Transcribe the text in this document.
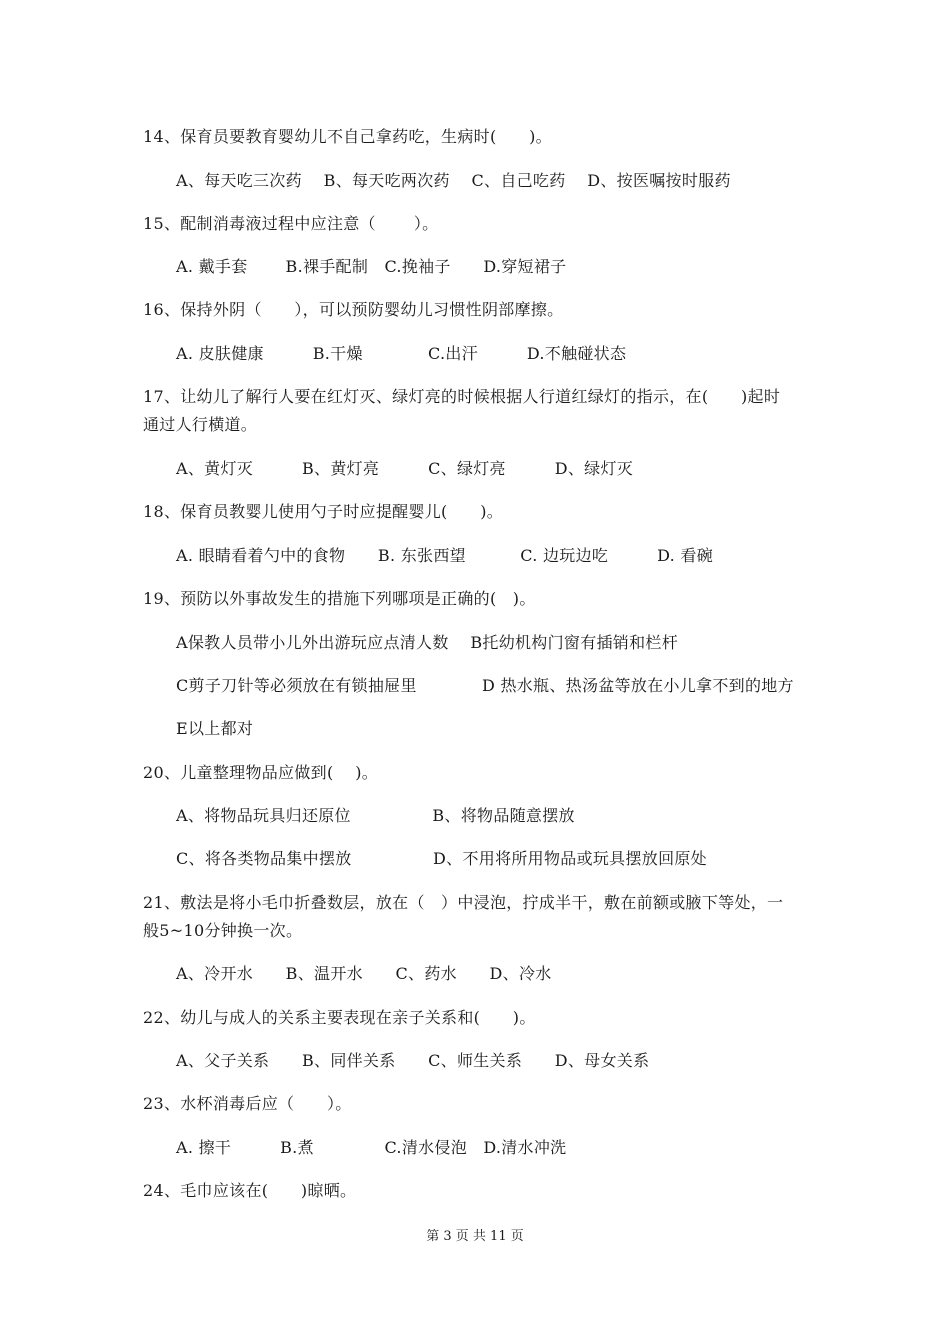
14、保育员要教育婴幼儿不自己拿药吃，生病时(　　)。
A、每天吃三次药　 B、每天吃两次药　 C、自己吃药　 D、按医嘱按时服药
15、配制消毒液过程中应注意（　　 ）。
A. 戴手套　　 B.裸手配制　C.挽袖子　　D.穿短裙子
16、保持外阴（　　），可以预防婴幼儿习惯性阴部摩擦。
A. 皮肤健康　　　B.干燥　　　　C.出汗　　　D.不触碰状态
17、让幼儿了解行人要在红灯灭、绿灯亮的时候根据人行道红绿灯的指示，在(　　)起时
通过人行横道。
A、黄灯灭　　　B、黄灯亮　　　C、绿灯亮　　　D、绿灯灭
18、保育员教婴儿使用勺子时应提醒婴儿(　　)。
A. 眼睛看着勺中的食物　　B. 东张西望　　　 C. 边玩边吃　　　D. 看碗
19、预防以外事故发生的措施下列哪项是正确的(　)。
A保教人员带小儿外出游玩应点清人数　 B托幼机构门窗有插销和栏杆
C剪子刀针等必须放在有锁抽屉里　　　　D 热水瓶、热汤盆等放在小儿拿不到的地方
E以上都对
20、儿童整理物品应做到(　 )。
A、将物品玩具归还原位　　　　　B、将物品随意摆放
C、将各类物品集中摆放　　　　　D、不用将所用物品或玩具摆放回原处
21、敷法是将小毛巾折叠数层，放在（　）中浸泡，拧成半干，敷在前额或腋下等处，一
般5~10分钟换一次。
A、冷开水　　B、温开水　　C、药水　　D、冷水
22、幼儿与成人的关系主要表现在亲子关系和(　　)。
A、父子关系　　B、同伴关系　　C、师生关系　　D、母女关系
23、水杯消毒后应（　　）。
A. 擦干　　　B.煮　　　　 C.清水侵泡　D.清水冲洗
24、毛巾应该在(　　)晾晒。
第 3 页 共 11 页
